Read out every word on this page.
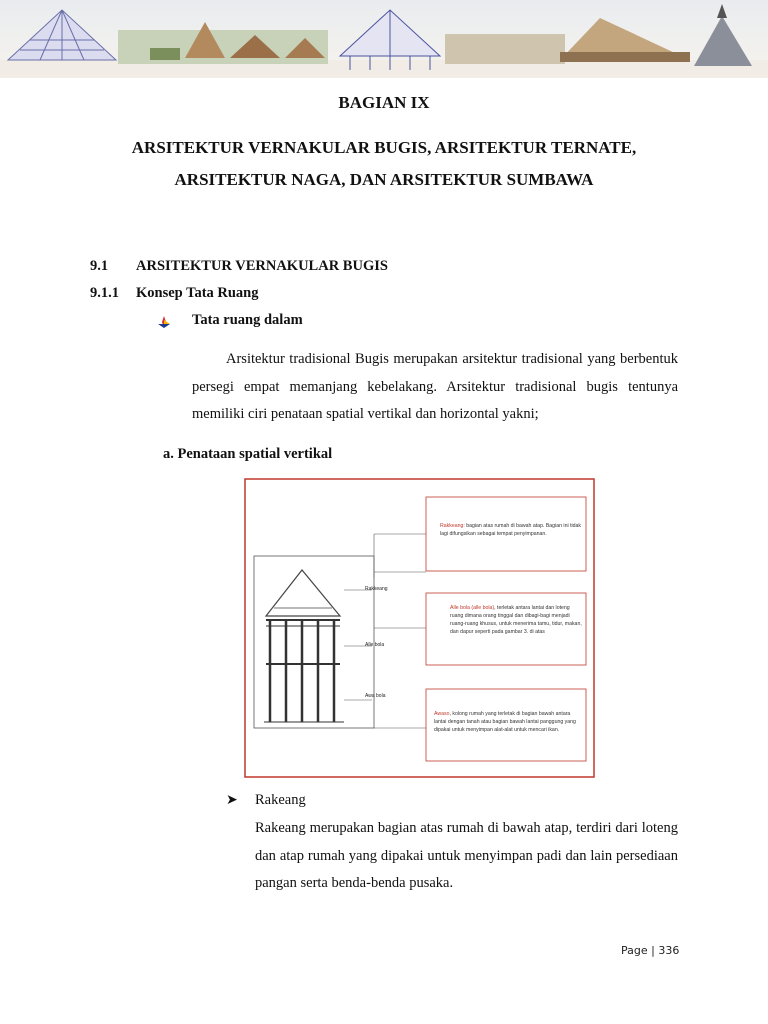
BAGIAN IX
ARSITEKTUR VERNAKULAR BUGIS, ARSITEKTUR TERNATE,
ARSITEKTUR NAGA, DAN ARSITEKTUR SUMBAWA
9.1 ARSITEKTUR VERNAKULAR BUGIS
9.1.1 Konsep Tata Ruang
Tata ruang dalam

Arsitektur tradisional Bugis merupakan arsitektur tradisional yang berbentuk persegi empat memanjang kebelakang. Arsitektur tradisional bugis tentunya memiliki ciri penataan spatial vertikal dan horizontal yakni;

a. Penataan spatial vertikal
Rakkeang
Alle bola
Awa bola
Rakkeang: bagian atas rumah di bawah atap. Bagian ini tidak lagi difungsikan sebagai tempat penyimpanan.
Alle bola (alle bola), terletak antara lantai dan loteng ruang dimana orang tinggal dan dibagi-bagi menjadi ruang-ruang khusus, untuk menerima tamu, tidur, makan, dan dapur seperti pada gambar 3. di atas
Awaso, kolong rumah yang terletak di bagian bawah antara lantai dengan tanah atau bagian bawah lantai panggung yang dipakai untuk menyimpan alat-alat untuk mencari ikan.
➤ Rakeang
Rakeang merupakan bagian atas rumah di bawah atap, terdiri dari loteng dan atap rumah yang dipakai untuk menyimpan padi dan lain persediaan pangan serta benda-benda pusaka.
Page | 336
